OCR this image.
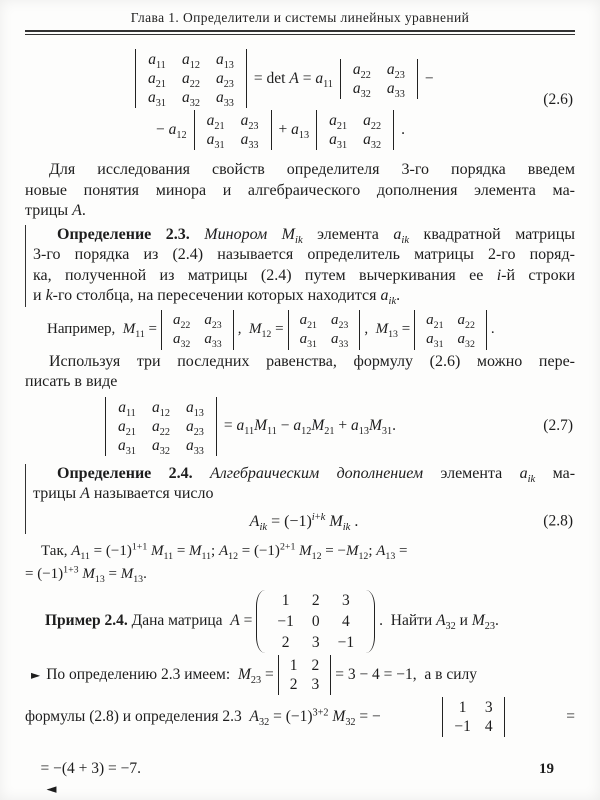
Глава 1. Определители и системы линейных уравнений
$a_{11}$	$a_{12}$	$a_{13}$
$a_{21}$	$a_{22}$	$a_{23}$
$a_{31}$	$a_{32}$	$a_{33}$
= $\det A = a_{11}$
$a_{22}$	$a_{23}$
$a_{32}$	$a_{33}$
−
− $a_{12}$
$a_{21}$	$a_{23}$
$a_{31}$	$a_{33}$
+ $a_{13}$
$a_{21}$	$a_{22}$
$a_{31}$	$a_{32}$
.
(2.6)
Для исследования свойств определителя 3-го порядка введем
новые понятия минора и алгебраического дополнения элемента ма-
трицы A.
Определение 2.3. Минором $M_{ik}$ элемента $a_{ik}$ квадратной матрицы
3-го порядка из (2.4) называется определитель матрицы 2-го поряд-
ка, полученной из матрицы (2.4) путем вычеркивания ее i-й строки
и k-го столбца, на пересечении которых находится $a_{ik}$.
Например,  $M_{11}$ =
$a_{22}$	$a_{23}$
$a_{32}$	$a_{33}$
,  $M_{12}$ =
$a_{21}$	$a_{23}$
$a_{31}$	$a_{33}$
,  $M_{13}$ =
$a_{21}$	$a_{22}$
$a_{31}$	$a_{32}$
.
Используя три последних равенства, формулу (2.6) можно пере-
писать в виде
$a_{11}$	$a_{12}$	$a_{13}$
$a_{21}$	$a_{22}$	$a_{23}$
$a_{31}$	$a_{32}$	$a_{33}$
= $a_{11}M_{11} - a_{12}M_{21} + a_{13}M_{31}$.	(2.7)
Определение 2.4. Алгебраическим дополнением элемента $a_{ik}$ ма-
трицы A называется число
$A_{ik} = (-1)^{i+k}$ $M_{ik}$ .	(2.8)
Так, $A_{11} = (-1)^{1+1}$ $M_{11} = M_{11}$; $A_{12} = (-1)^{2+1}$ $M_{12} = -M_{12}$; $A_{13}$ =
= $(-1)^{1+3}$ $M_{13} = M_{13}$.
Пример 2.4. Дана матрица  A =
1	2	3
−1	0	4
2	3	−1
.  Найти $A_{32}$ и $M_{23}$.
► По определению 2.3 имеем:  $M_{23}$ =
1	2
2	3
= 3 − 4 = −1,  а в силу
формулы (2.8) и определения 2.3  $A_{32} = (-1)^{3+2}$ $M_{32}$ = −
1	3
−1	4
=

= −(4 + 3) = −7.
◄

19
